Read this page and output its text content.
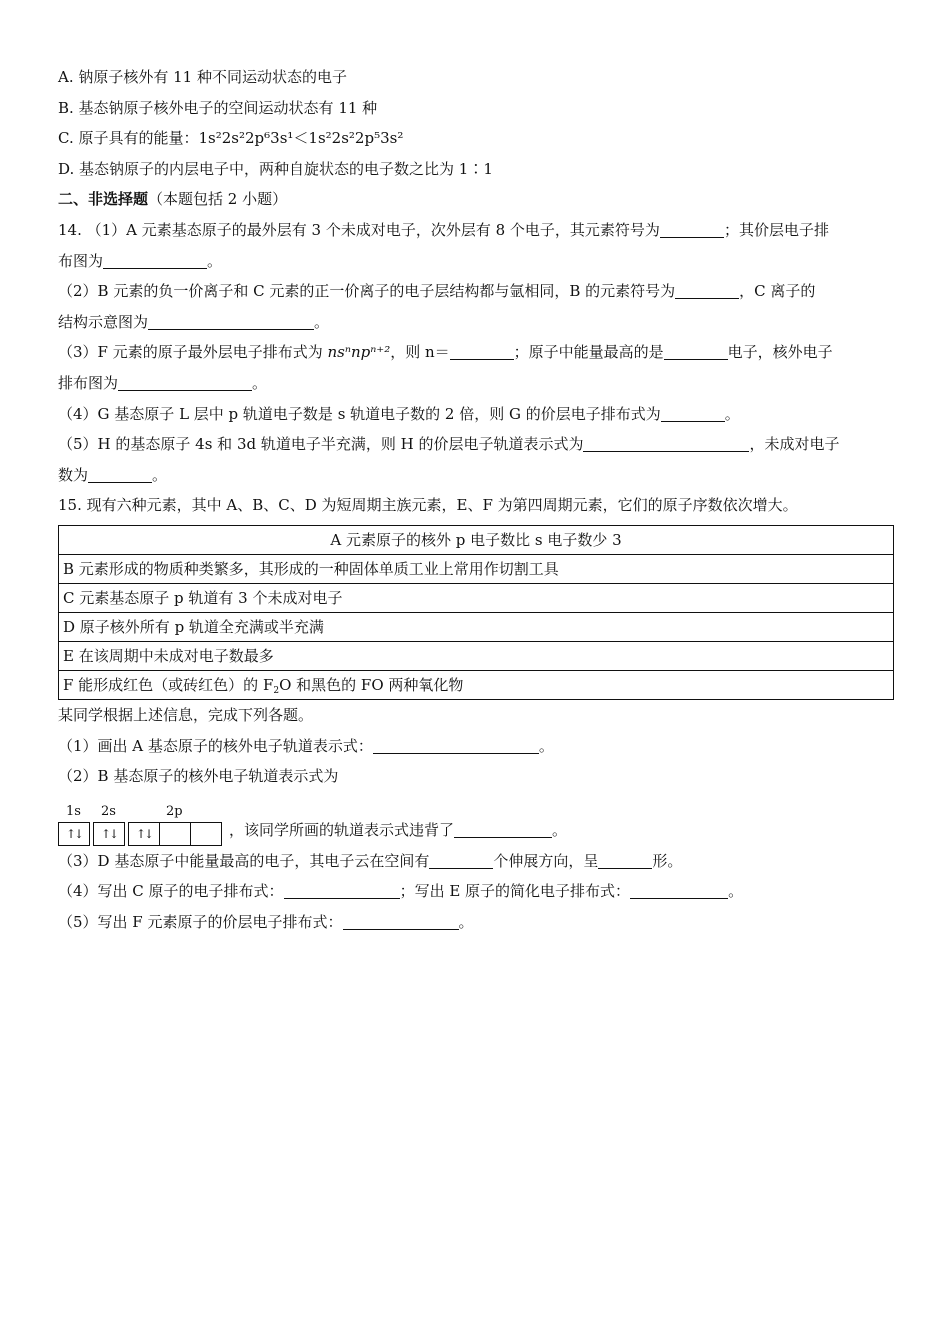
A. 钠原子核外有 11 种不同运动状态的电子
B. 基态钠原子核外电子的空间运动状态有 11 种
C. 原子具有的能量：1s²2s²2p⁶3s¹＜1s²2s²2p⁵3s²
D. 基态钠原子的内层电子中，两种自旋状态的电子数之比为 1∶1
二、非选择题（本题包括 2 小题）
14. （1）A 元素基态原子的最外层有 3 个未成对电子，次外层有 8 个电子，其元素符号为	；其价层电子排
布图为	。
（2）B 元素的负一价离子和 C 元素的正一价离子的电子层结构都与氩相同，B 的元素符号为	，C 离子的
结构示意图为	。
（3）F 元素的原子最外层电子排布式为 nsⁿnpⁿ⁺²，则 n＝	；原子中能量最高的是	电子，核外电子
排布图为	。
（4）G 基态原子 L 层中 p 轨道电子数是 s 轨道电子数的 2 倍，则 G 的价层电子排布式为	。
（5）H 的基态原子 4s 和 3d 轨道电子半充满，则 H 的价层电子轨道表示式为	，未成对电子
数为	。
15. 现有六种元素，其中 A、B、C、D 为短周期主族元素，E、F 为第四周期元素，它们的原子序数依次增大。
A 元素原子的核外 p 电子数比 s 电子数少 3
B 元素形成的物质种类繁多，其形成的一种固体单质工业上常用作切割工具
C 元素基态原子 p 轨道有 3 个未成对电子
D 原子核外所有 p 轨道全充满或半充满
E 在该周期中未成对电子数最多
F 能形成红色（或砖红色）的 $F_2O$ 和黑色的 FO 两种氧化物
某同学根据上述信息，完成下列各题。
（1）画出 A 基态原子的核外电子轨道表示式：	。
（2）B 基态原子的核外电子轨道表示式为
1s
↑↓
2s
↑↓
2p
↑↓	，该同学所画的轨道表示式违背了	。
（3）D 基态原子中能量最高的电子，其电子云在空间有	个伸展方向，呈	形。
（4）写出 C 原子的电子排布式：	；写出 E 原子的简化电子排布式：	。
（5）写出 F 元素原子的价层电子排布式：	。
